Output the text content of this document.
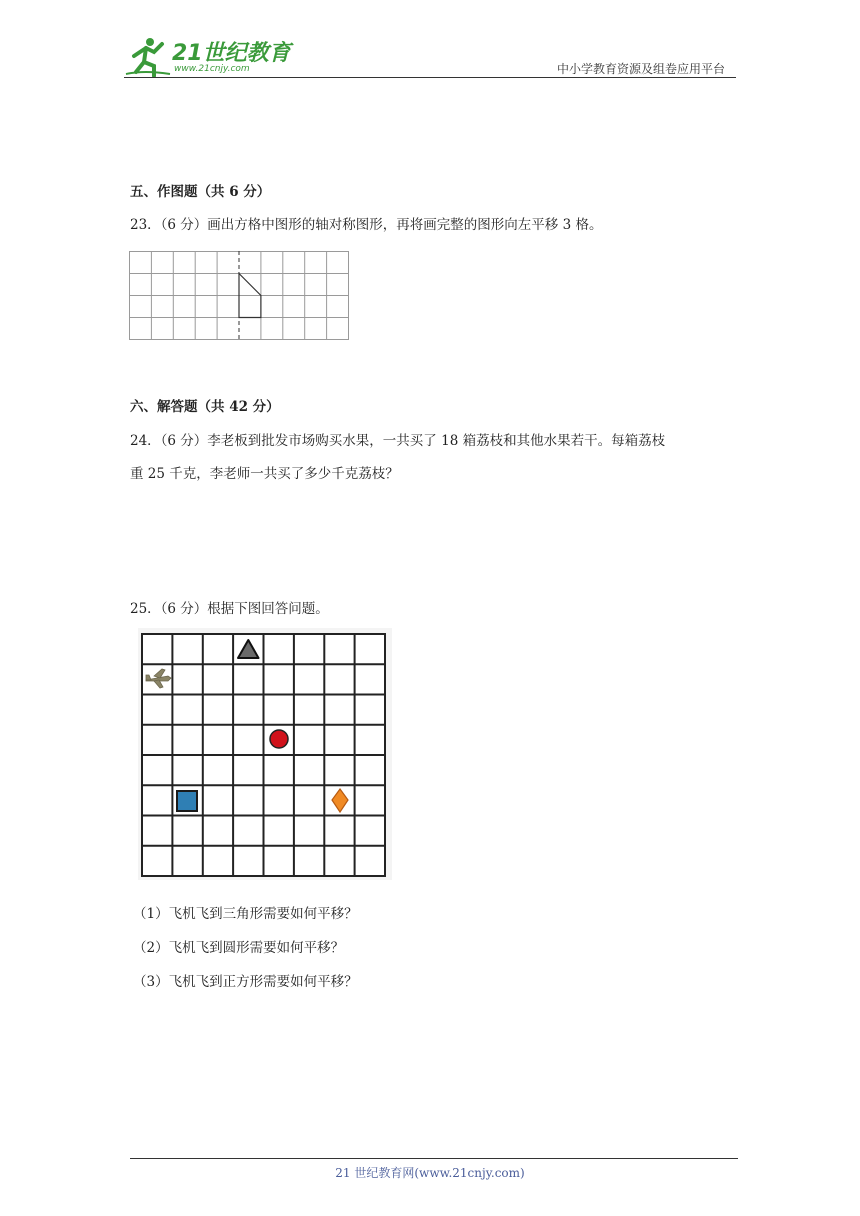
21世纪教育
www.21cnjy.com	中小学教育资源及组卷应用平台
五、作图题（共 6 分）
23．（6 分）画出方格中图形的轴对称图形，再将画完整的图形向左平移 3 格。
六、解答题（共 42 分）
24．（6 分）李老板到批发市场购买水果，一共买了 18 箱荔枝和其他水果若干。每箱荔枝
重 25 千克，李老师一共买了多少千克荔枝？
25．（6 分）根据下图回答问题。
（1）飞机飞到三角形需要如何平移？
（2）飞机飞到圆形需要如何平移？
（3）飞机飞到正方形需要如何平移？
21 世纪教育网(www.21cnjy.com)
